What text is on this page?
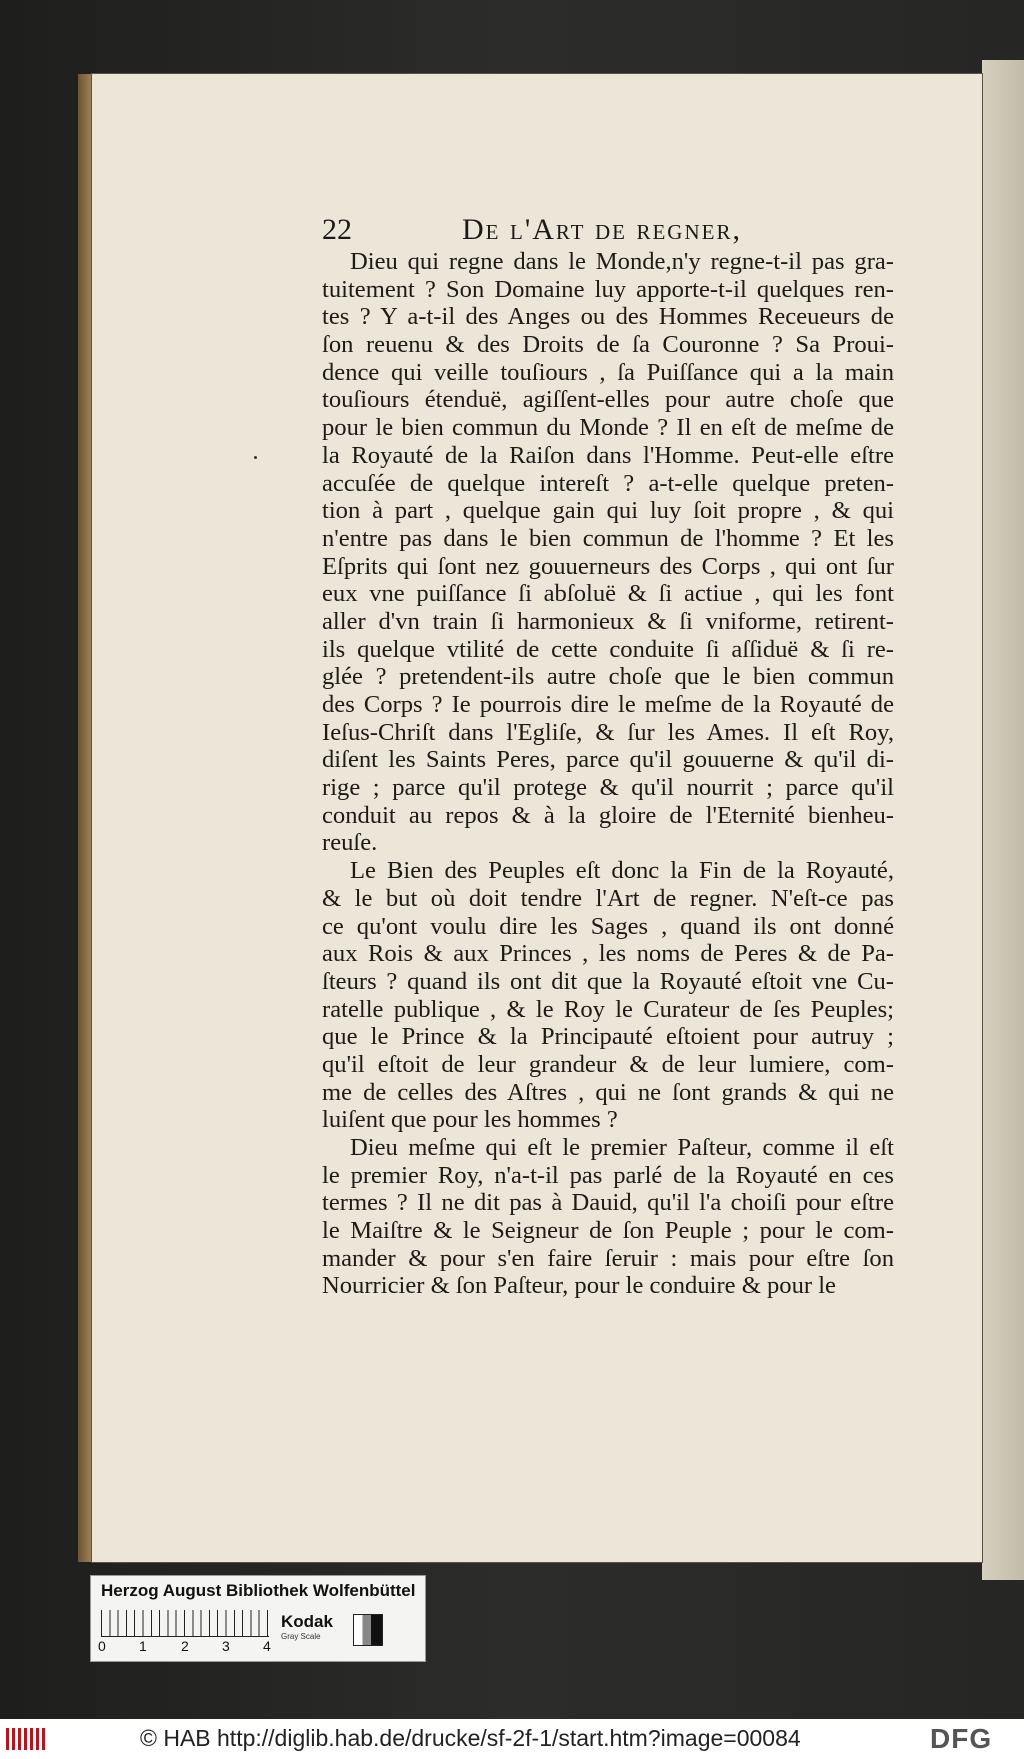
22	De l'Art de regner,
Dieu qui regne dans le Monde,n'y regne-t-il pas gra-
tuitement ? Son Domaine luy apporte-t-il quelques ren-
tes ? Y a-t-il des Anges ou des Hommes Receueurs de
ſon reuenu & des Droits de ſa Couronne ? Sa Proui-
dence qui veille touſiours , ſa Puiſſance qui a la main
touſiours étenduë, agiſſent-elles pour autre choſe que
pour le bien commun du Monde ? Il en eſt de meſme de
la Royauté de la Raiſon dans l'Homme. Peut-elle eſtre
accuſée de quelque intereſt ? a-t-elle quelque preten-
tion à part , quelque gain qui luy ſoit propre , & qui
n'entre pas dans le bien commun de l'homme ? Et les
Eſprits qui ſont nez gouuerneurs des Corps , qui ont ſur
eux vne puiſſance ſi abſoluë & ſi actiue , qui les font
aller d'vn train ſi harmonieux & ſi vniforme, retirent-
ils quelque vtilité de cette conduite ſi aſſiduë & ſi re-
glée ? pretendent-ils autre choſe que le bien commun
des Corps ? Ie pourrois dire le meſme de la Royauté de
Ieſus-Chriſt dans l'Egliſe, & ſur les Ames. Il eſt Roy,
diſent les Saints Peres, parce qu'il gouuerne & qu'il di-
rige ; parce qu'il protege & qu'il nourrit ; parce qu'il
conduit au repos & à la gloire de l'Eternité bienheu-
reuſe.
Le Bien des Peuples eſt donc la Fin de la Royauté,
& le but où doit tendre l'Art de regner. N'eſt-ce pas
ce qu'ont voulu dire les Sages , quand ils ont donné
aux Rois & aux Princes , les noms de Peres & de Pa-
ſteurs ? quand ils ont dit que la Royauté eſtoit vne Cu-
ratelle publique , & le Roy le Curateur de ſes Peuples;
que le Prince & la Principauté eſtoient pour autruy ;
qu'il eſtoit de leur grandeur & de leur lumiere, com-
me de celles des Aſtres , qui ne ſont grands & qui ne
luiſent que pour les hommes ?
Dieu meſme qui eſt le premier Paſteur, comme il eſt
le premier Roy, n'a-t-il pas parlé de la Royauté en ces
termes ? Il ne dit pas à Dauid, qu'il l'a choiſi pour eſtre
le Maiſtre & le Seigneur de ſon Peuple ; pour le com-
mander & pour s'en faire ſeruir : mais pour eſtre ſon
Nourricier & ſon Paſteur, pour le conduire & pour le
Herzog August Bibliothek Wolfenbüttel
0 1 2 3 4
Kodak
Gray Scale
© HAB http://diglib.hab.de/drucke/sf-2f-1/start.htm?image=00084	DFG
